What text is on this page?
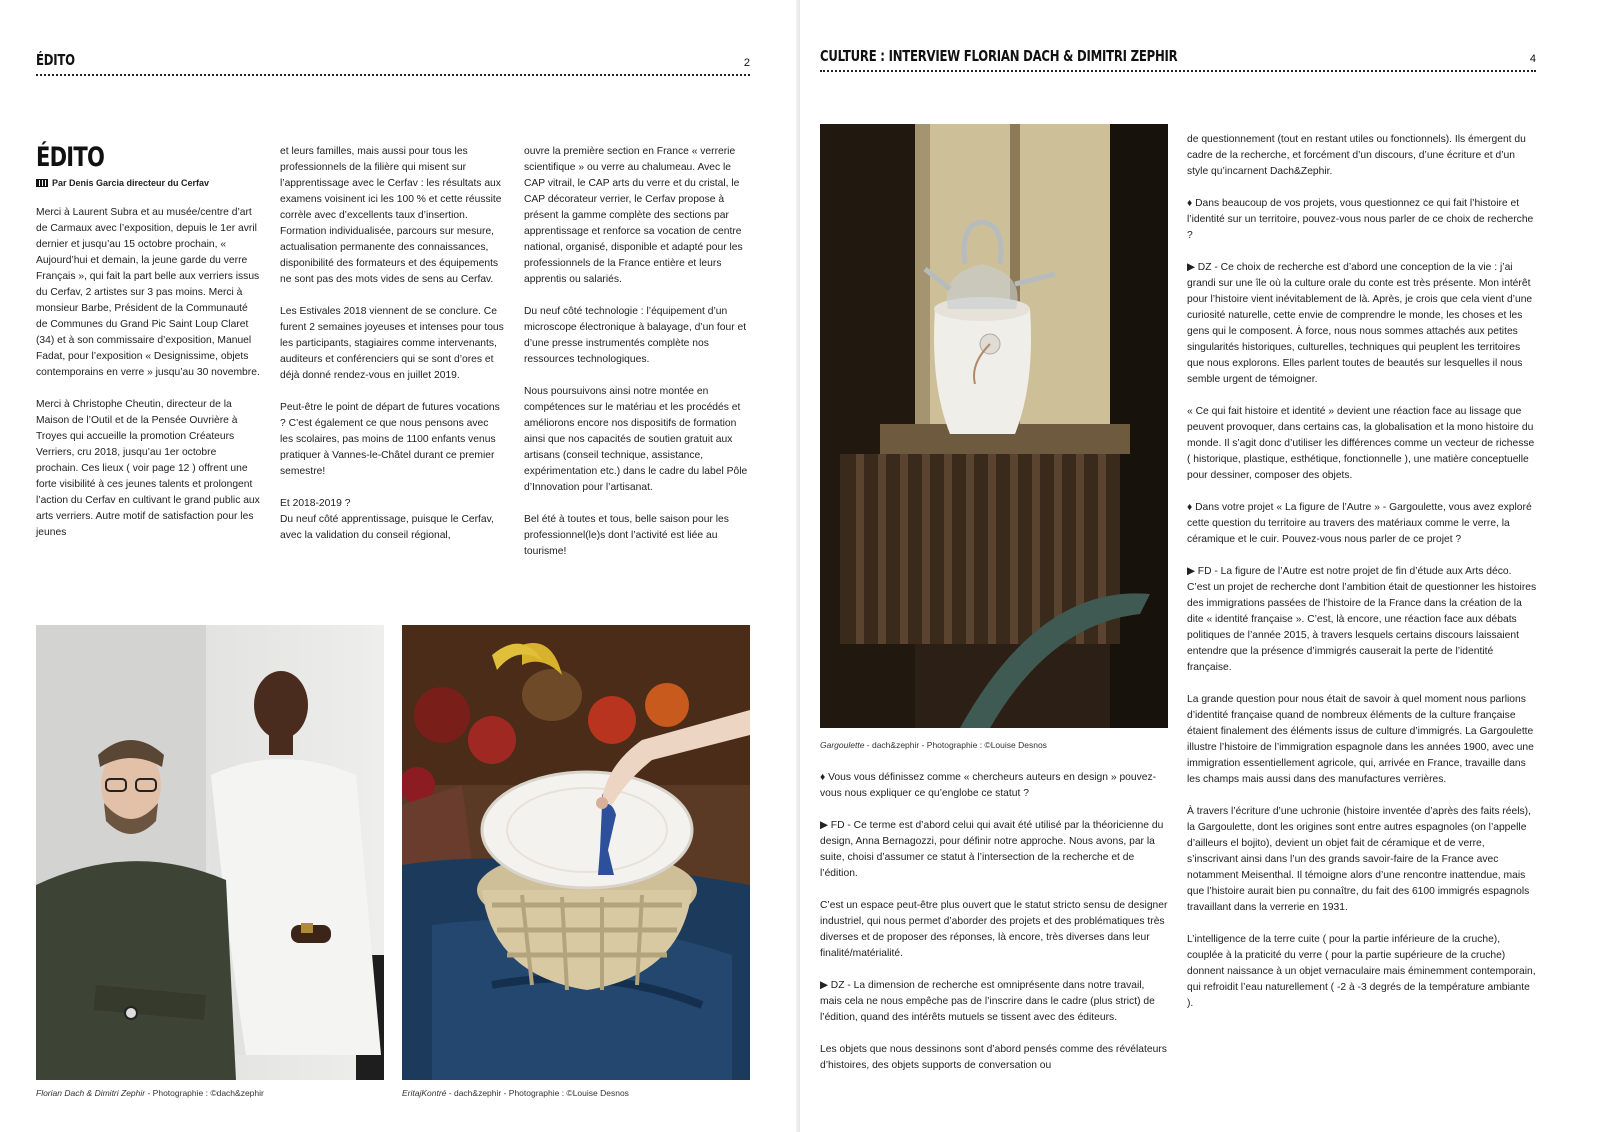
ÉDITO	2
ÉDITO
Par Denis Garcia directeur du Cerfav

Merci à Laurent Subra et au musée/centre d’art de Carmaux avec l’exposition, depuis le 1er avril dernier et jusqu’au 15 octobre prochain, « Aujourd’hui et demain, la jeune garde du verre Français », qui fait la part belle aux verriers issus du Cerfav, 2 artistes sur 3 pas moins. Merci à monsieur Barbe, Président de la Communauté de Communes du Grand Pic Saint Loup Claret (34) et à son commissaire d’exposition, Manuel Fadat, pour l’exposition « Designissime, objets contemporains en verre » jusqu’au 30 novembre.

Merci à Christophe Cheutin, directeur de la Maison de l’Outil et de la Pensée Ouvrière à Troyes qui accueille la promotion Créateurs Verriers, cru 2018, jusqu’au 1er octobre prochain. Ces lieux ( voir page 12 ) offrent une forte visibilité à ces jeunes talents et prolongent l’action du Cerfav en cultivant le grand public aux arts verriers. Autre motif de satisfaction pour les jeunes

et leurs familles, mais aussi pour tous les professionnels de la filière qui misent sur l’apprentissage avec le Cerfav : les résultats aux examens voisinent ici les 100 % et cette réussite corrèle avec d’excellents taux d’insertion. Formation individualisée, parcours sur mesure, actualisation permanente des connaissances, disponibilité des formateurs et des équipements ne sont pas des mots vides de sens au Cerfav.

Les Estivales 2018 viennent de se conclure. Ce furent 2 semaines joyeuses et intenses pour tous les participants, stagiaires comme intervenants, auditeurs et conférenciers qui se sont d’ores et déjà donné rendez-vous en juillet 2019.

Peut-être le point de départ de futures vocations ? C’est également ce que nous pensons avec les scolaires, pas moins de 1100 enfants venus pratiquer à Vannes-le-Châtel durant ce premier semestre!

Et 2018-2019 ?
Du neuf côté apprentissage, puisque le Cerfav, avec la validation du conseil régional,

ouvre la première section en France « verrerie scientifique » ou verre au chalumeau. Avec le CAP vitrail, le CAP arts du verre et du cristal, le CAP décorateur verrier, le Cerfav propose à présent la gamme complète des sections par apprentissage et renforce sa vocation de centre national, organisé, disponible et adapté pour les professionnels de la France entière et leurs apprentis ou salariés.

Du neuf côté technologie : l’équipement d’un microscope électronique à balayage, d’un four et d’une presse instrumentés complète nos ressources technologiques.

Nous poursuivons ainsi notre montée en compétences sur le matériau et les procédés et améliorons encore nos dispositifs de formation ainsi que nos capacités de soutien gratuit aux artisans (conseil technique, assistance, expérimentation etc.) dans le cadre du label Pôle d’Innovation pour l’artisanat.

Bel été à toutes et tous, belle saison pour les professionnel(le)s dont l’activité est liée au tourisme!

Florian Dach & Dimitri Zephir - Photographie : ©dach&zephir	EritajKontré - dach&zephir - Photographie : ©Louise Desnos
CULTURE : INTERVIEW FLORIAN DACH & DIMITRI ZEPHIR	4
Gargoulette - dach&zephir - Photographie : ©Louise Desnos

♦ Vous vous définissez comme « chercheurs auteurs en design » pouvez-vous nous expliquer ce qu’englobe ce statut ?

▶ FD - Ce terme est d’abord celui qui avait été utilisé par la théoricienne du design, Anna Bernagozzi, pour définir notre approche. Nous avons, par la suite, choisi d’assumer ce statut à l’intersection de la recherche et de l’édition.

C’est un espace peut-être plus ouvert que le statut stricto sensu de designer industriel, qui nous permet d’aborder des projets et des problématiques très diverses et de proposer des réponses, là encore, très diverses dans leur finalité/matérialité.

▶ DZ - La dimension de recherche est omniprésente dans notre travail, mais cela ne nous empêche pas de l’inscrire dans le cadre (plus strict) de l’édition, quand des intérêts mutuels se tissent avec des éditeurs.

Les objets que nous dessinons sont d’abord pensés comme des révélateurs d’histoires, des objets supports de conversation ou

de questionnement (tout en restant utiles ou fonctionnels). Ils émergent du cadre de la recherche, et forcément d’un discours, d’une écriture et d’un style qu’incarnent Dach&Zephir.

♦ Dans beaucoup de vos projets, vous questionnez ce qui fait l’histoire et l’identité sur un territoire, pouvez-vous nous parler de ce choix de recherche ?

▶ DZ - Ce choix de recherche est d’abord une conception de la vie : j’ai grandi sur une île où la culture orale du conte est très présente. Mon intérêt pour l’histoire vient inévitablement de là. Après, je crois que cela vient d’une curiosité naturelle, cette envie de comprendre le monde, les choses et les gens qui le composent. À force, nous nous sommes attachés aux petites singularités historiques, culturelles, techniques qui peuplent les territoires que nous explorons. Elles parlent toutes de beautés sur lesquelles il nous semble urgent de témoigner.

« Ce qui fait histoire et identité » devient une réaction face au lissage que peuvent provoquer, dans certains cas, la globalisation et la mono histoire du monde. Il s’agit donc d’utiliser les différences comme un vecteur de richesse ( historique, plastique, esthétique, fonctionnelle ), une matière conceptuelle pour dessiner, composer des objets.

♦ Dans votre projet « La figure de l’Autre » - Gargoulette, vous avez exploré cette question du territoire au travers des matériaux comme le verre, la céramique et le cuir. Pouvez-vous nous parler de ce projet ?

▶ FD - La figure de l’Autre est notre projet de fin d’étude aux Arts déco. C’est un projet de recherche dont l’ambition était de questionner les histoires des immigrations passées de l’histoire de la France dans la création de la dite « identité française ». C’est, là encore, une réaction face aux débats politiques de l’année 2015, à travers lesquels certains discours laissaient entendre que la présence d’immigrés causerait la perte de l’identité française.

La grande question pour nous était de savoir à quel moment nous parlions d’identité française quand de nombreux éléments de la culture française étaient finalement des éléments issus de culture d’immigrés. La Gargoulette illustre l’histoire de l’immigration espagnole dans les années 1900, avec une immigration essentiellement agricole, qui, arrivée en France, travaille dans les champs mais aussi dans des manufactures verrières.

À travers l’écriture d’une uchronie (histoire inventée d’après des faits réels), la Gargoulette, dont les origines sont entre autres espagnoles (on l’appelle d’ailleurs el bojito), devient un objet fait de céramique et de verre, s’inscrivant ainsi dans l’un des grands savoir-faire de la France avec notamment Meisenthal. Il témoigne alors d’une rencontre inattendue, mais que l’histoire aurait bien pu connaître, du fait des 6100 immigrés espagnols travaillant dans la verrerie en 1931.

L’intelligence de la terre cuite ( pour la partie inférieure de la cruche), couplée à la praticité du verre ( pour la partie supérieure de la cruche) donnent naissance à un objet vernaculaire mais éminemment contemporain, qui refroidit l’eau naturellement ( -2 à -3 degrés de la température ambiante ).
